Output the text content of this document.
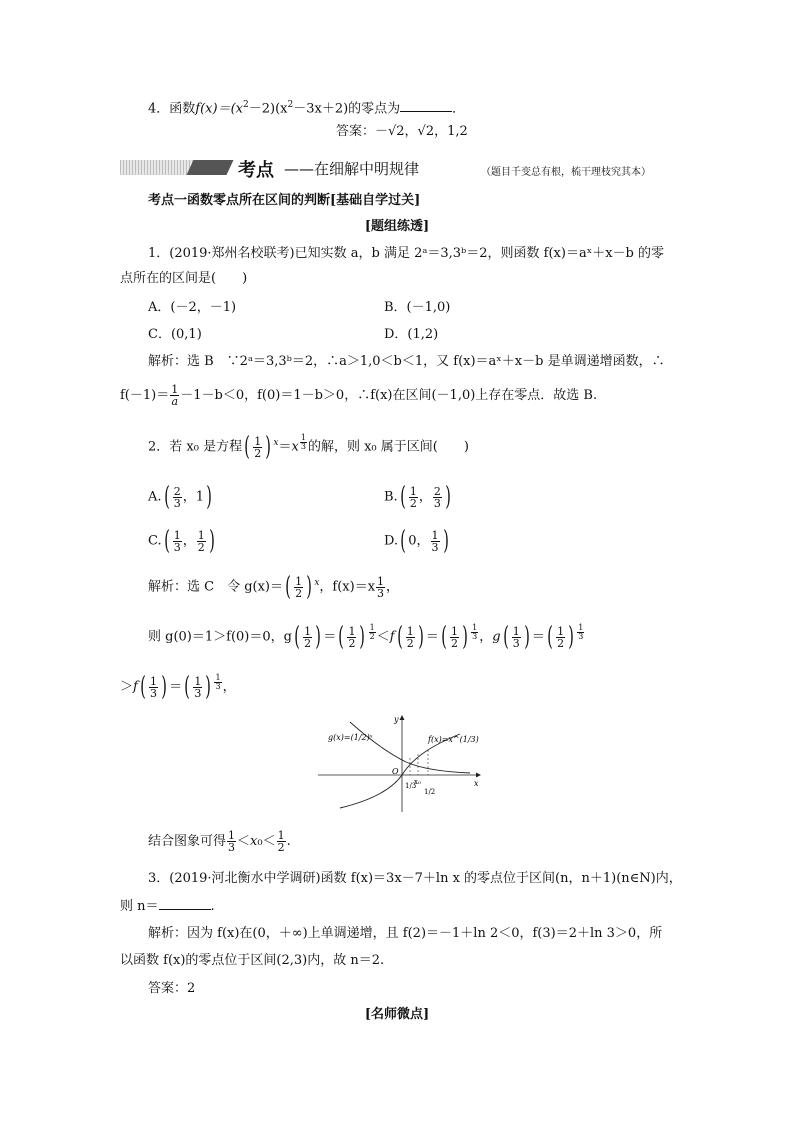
4．函数$f(x)=(x^2-2)(x^2-3x+2)$的零点为	．
答案：－√2，√2，1,2
考点 ——在细解中明规律	（题目千变总有根，梳干理枝究其本）
考点一函数零点所在区间的判断[基础自学过关]
[题组练透]
1．(2019·郑州名校联考)已知实数 a，b 满足 2ᵃ＝3,3ᵇ＝2，则函数 f(x)＝aˣ＋x－b 的零
点所在的区间是(　　)
A．(－2，－1)	B．(－1,0)
C．(0,1)	D．(1,2)
解析：选 B　∵2ᵃ＝3,3ᵇ＝2，∴a＞1,0＜b＜1，又 f(x)＝aˣ＋x－b 是单调递增函数，∴
$f(-1)= \frac{1}{a} -1-b<0$，f(0)＝1－b＞0，∴f(x)在区间(－1,0)上存在零点．故选 B.
2．若 x₀ 是方程( $\frac{1}{2}$ ) $^x$＝x $^{\frac{1}{3}}$ 的解，则 x₀ 属于区间(　　)
$A.( \frac{2}{3}$ ，1)	$B.( \frac{1}{2}$ ， $\frac{2}{3}$ )
$C.( \frac{1}{3}$ ， $\frac{1}{2}$ )	D.( 0， $\frac{1}{3}$ )
解析：选 C　令 $g(x)=( \frac{1}{2}$ ) $^x$，$f(x)=x \frac{1}{3}$ ，
则 g(0)＝1＞f(0)＝0，$g( \frac{1}{2}$ ) ＝( $\frac{1}{2}$ ) $^{\frac{1}{2}} <f( \frac{1}{2}$ ) ＝( $\frac{1}{2}$ ) $^{\frac{1}{3}}$ ，$g( \frac{1}{3}$ ) ＝( $\frac{1}{2}$ ) $^{\frac{1}{3}}$
$>f( \frac{1}{3}$ ) ＝( $\frac{1}{3}$ ) $^{\frac{1}{3}}$ ，
g(x)=(1/2)ˣ	f(x)=x^(1/3)
y
x
O
1/3
x₀
1/2
结合图象可得 $\frac{1}{3} <x_0< \frac{1}{2}$ .
3．(2019·河北衡水中学调研)函数 f(x)＝3x－7＋ln x 的零点位于区间(n，n＋1)(n∈N)内，
则 n＝	.
解析：因为 f(x)在(0，＋∞)上单调递增，且 f(2)＝－1＋ln 2＜0，f(3)＝2＋ln 3＞0，所
以函数 f(x)的零点位于区间(2,3)内，故 n＝2.
答案：2
[名师微点]
